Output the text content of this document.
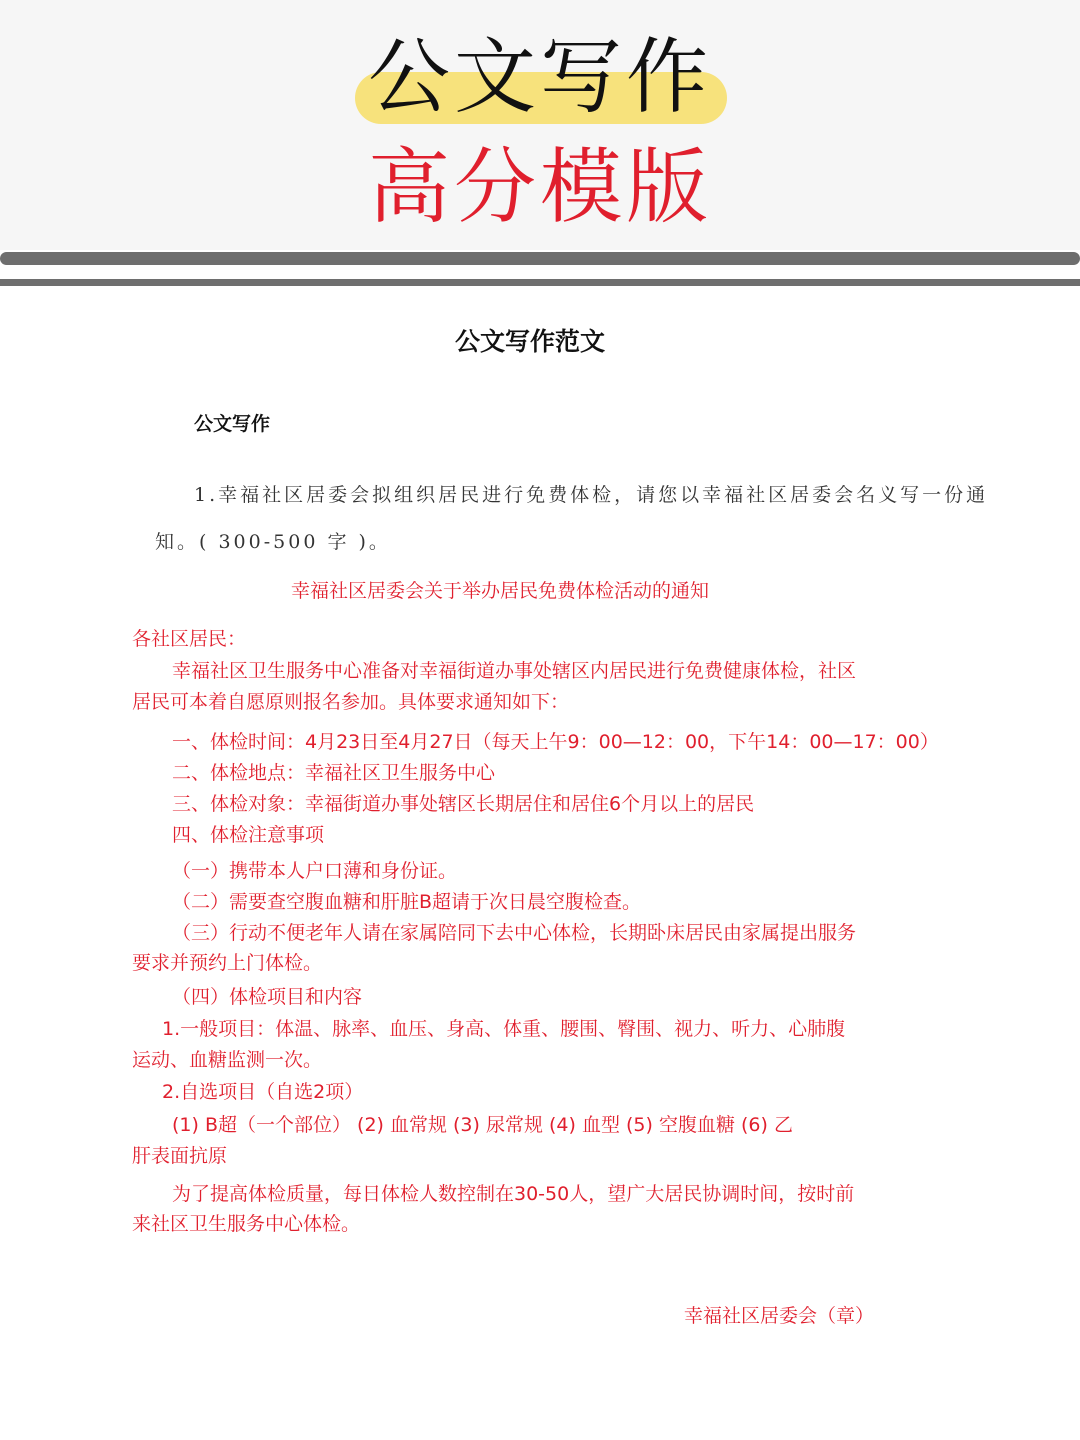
公文写作
高分模版
公文写作范文
公文写作
1.幸福社区居委会拟组织居民进行免费体检，请您以幸福社区居委会名义写一份通
知。( 300-500 字 )。
幸福社区居委会关于举办居民免费体检活动的通知
各社区居民：
幸福社区卫生服务中心准备对幸福街道办事处辖区内居民进行免费健康体检，社区
居民可本着自愿原则报名参加。具体要求通知如下：
一、体检时间：4月23日至4月27日（每天上午9：00—12：00，下午14：00—17：00）
二、体检地点：幸福社区卫生服务中心
三、体检对象：幸福街道办事处辖区长期居住和居住6个月以上的居民
四、体检注意事项
（一）携带本人户口薄和身份证。
（二）需要查空腹血糖和肝脏B超请于次日晨空腹检查。
（三）行动不便老年人请在家属陪同下去中心体检，长期卧床居民由家属提出服务
要求并预约上门体检。
（四）体检项目和内容
1.一般项目：体温、脉率、血压、身高、体重、腰围、臀围、视力、听力、心肺腹
运动、血糖监测一次。
2.自选项目（自选2项）
(1) B超（一个部位） (2) 血常规 (3) 尿常规 (4) 血型 (5) 空腹血糖 (6) 乙
肝表面抗原
为了提高体检质量，每日体检人数控制在30-50人，望广大居民协调时间，按时前
来社区卫生服务中心体检。
幸福社区居委会（章）
